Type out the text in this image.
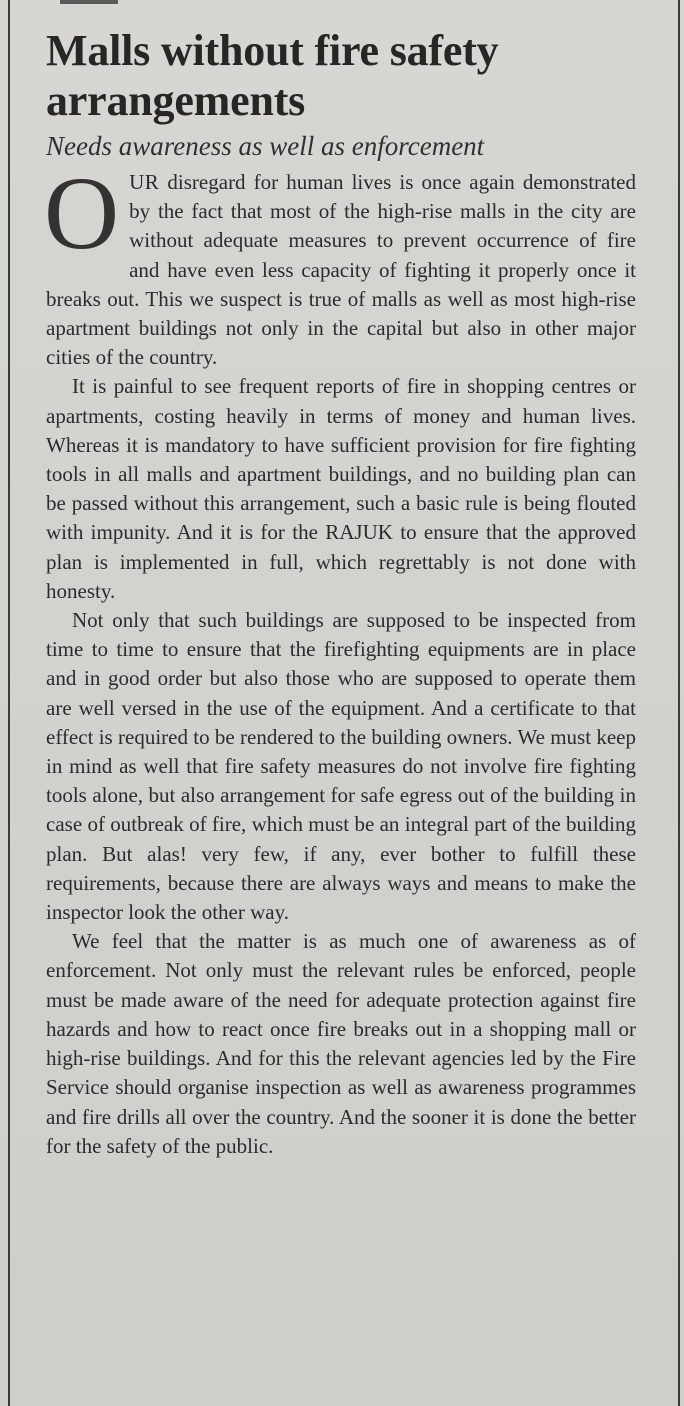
Malls without fire safety arrangements
Needs awareness as well as enforcement

OUR disregard for human lives is once again demonstrated by the fact that most of the high-rise malls in the city are without adequate measures to prevent occurrence of fire and have even less capacity of fighting it properly once it breaks out. This we suspect is true of malls as well as most high-rise apartment buildings not only in the capital but also in other major cities of the country.

It is painful to see frequent reports of fire in shopping centres or apartments, costing heavily in terms of money and human lives. Whereas it is mandatory to have sufficient provision for fire fighting tools in all malls and apartment buildings, and no building plan can be passed without this arrangement, such a basic rule is being flouted with impunity. And it is for the RAJUK to ensure that the approved plan is implemented in full, which regrettably is not done with honesty.

Not only that such buildings are supposed to be inspected from time to time to ensure that the firefighting equipments are in place and in good order but also those who are supposed to operate them are well versed in the use of the equipment. And a certificate to that effect is required to be rendered to the building owners. We must keep in mind as well that fire safety measures do not involve fire fighting tools alone, but also arrangement for safe egress out of the building in case of outbreak of fire, which must be an integral part of the building plan. But alas! very few, if any, ever bother to fulfill these requirements, because there are always ways and means to make the inspector look the other way.

We feel that the matter is as much one of awareness as of enforcement. Not only must the relevant rules be enforced, people must be made aware of the need for adequate protection against fire hazards and how to react once fire breaks out in a shopping mall or high-rise buildings. And for this the relevant agencies led by the Fire Service should organise inspection as well as awareness programmes and fire drills all over the country. And the sooner it is done the better for the safety of the public.
